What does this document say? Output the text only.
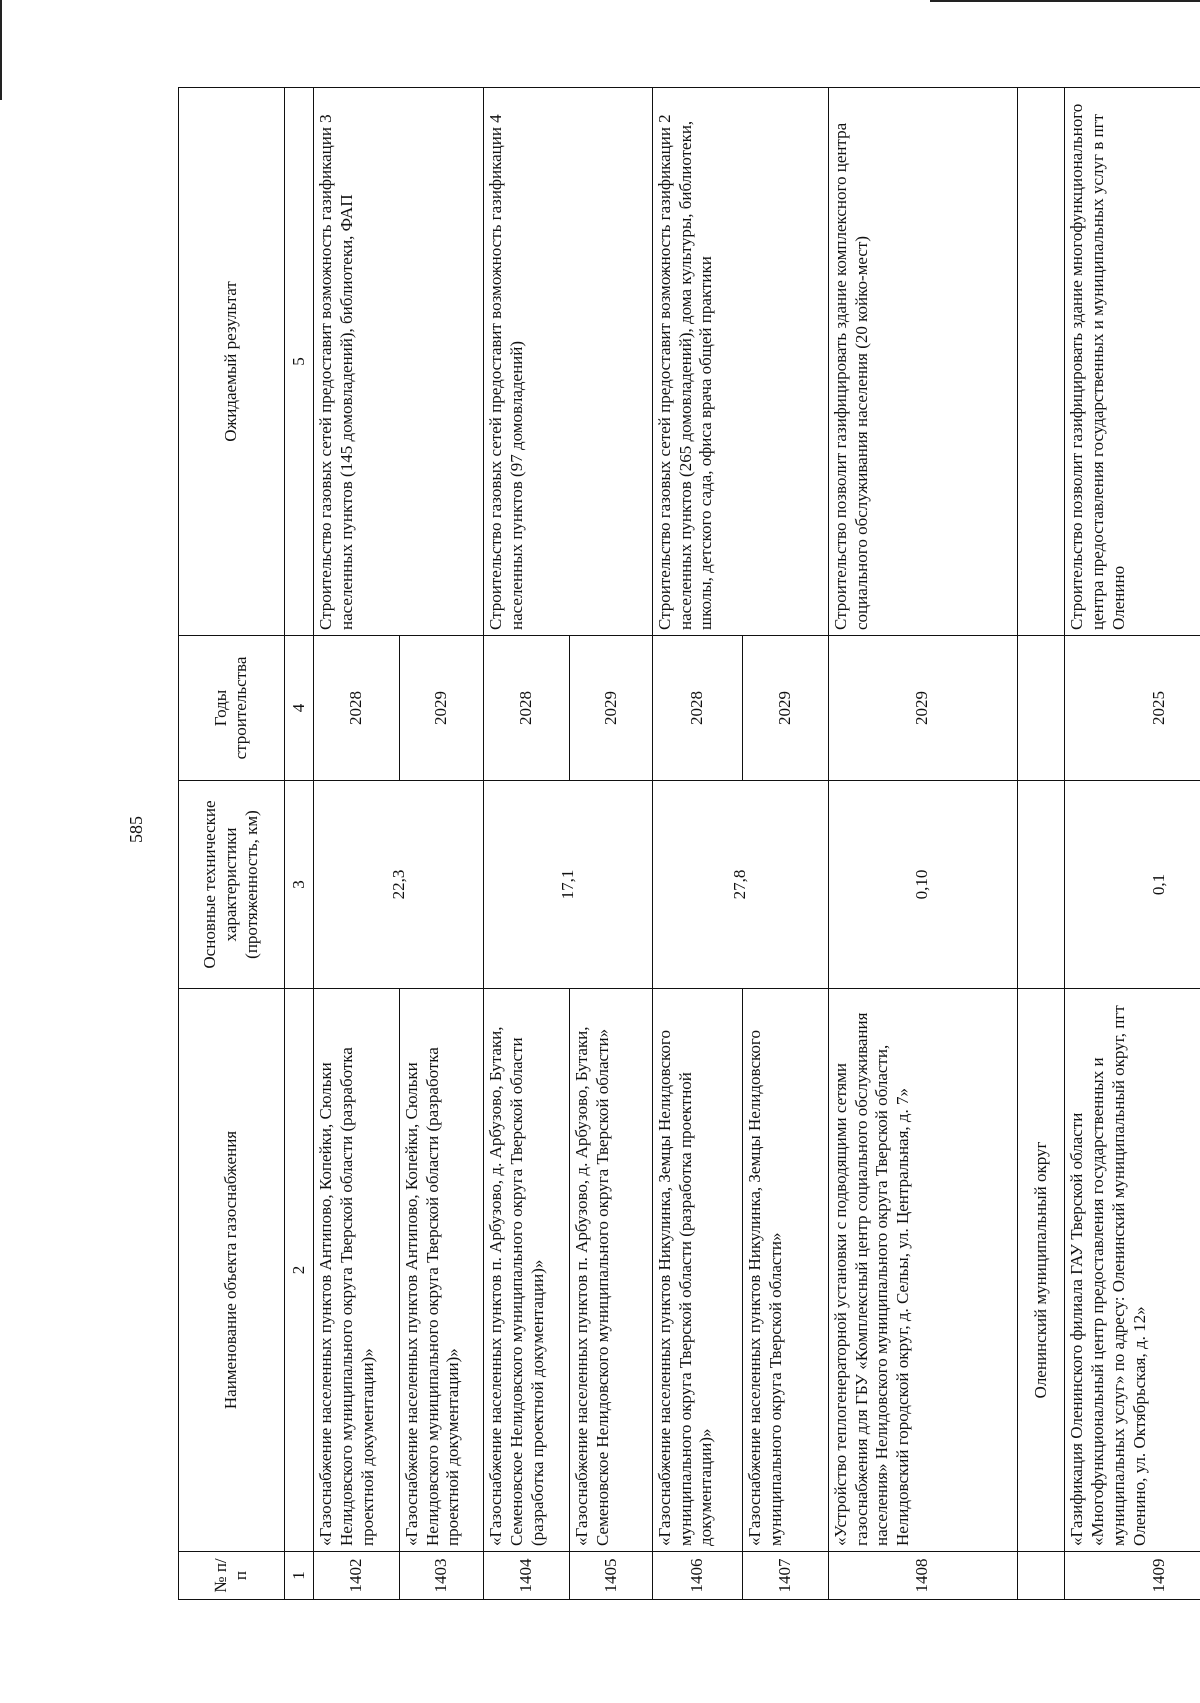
585
№ п/п	Наименование объекта газоснабжения	Основные технические характеристики (протяженность, км)	Годы строительства	Ожидаемый результат
1	2	3	4	5
1402	«Газоснабжение населенных пунктов Антипово, Копейки, Сюльки Нелидовского муниципального округа Тверской области (разработка проектной документации)»	22,3	2028	Строительство газовых сетей предоставит возможность газификации 3 населенных пунктов (145 домовладений), библиотеки, ФАП
1403	«Газоснабжение населенных пунктов Антипово, Копейки, Сюльки Нелидовского муниципального округа Тверской области (разработка проектной документации)»		2029	
1404	«Газоснабжение населенных пунктов п. Арбузово, д. Арбузово, Бутаки, Семеновское Нелидовского муниципального округа Тверской области (разработка проектной документации)»	17,1	2028	Строительство газовых сетей предоставит возможность газификации 4 населенных пунктов (97 домовладений)
1405	«Газоснабжение населенных пунктов п. Арбузово, д. Арбузово, Бутаки, Семеновское Нелидовского муниципального округа Тверской области»		2029	
1406	«Газоснабжение населенных пунктов Никулинка, Земцы Нелидовского муниципального округа Тверской области (разработка проектной документации)»	27,8	2028	Строительство газовых сетей предоставит возможность газификации 2 населенных пунктов (265 домовладений), дома культуры, библиотеки, школы, детского сада, офиса врача общей практики
1407	«Газоснабжение населенных пунктов Никулинка, Земцы Нелидовского муниципального округа Тверской области»		2029	
1408	«Устройство теплогенераторной установки с подводящими сетями газоснабжения для ГБУ «Комплексный центр социального обслуживания населения» Нелидовского муниципального округа Тверской области, Нелидовский городской округ, д. Сельы, ул. Центральная, д. 7»	0,10	2029	Строительство позволит газифицировать здание комплексного центра социального обслуживания населения (20 койко-мест)
	Оленинский муниципальный округ			
1409	«Газификация Оленинского филиала ГАУ Тверской области «Многофункциональный центр предоставления государственных и муниципальных услуг» по адресу: Оленинский муниципальный округ, пгт Оленино, ул. Октябрьская, д. 12»	0,1	2025	Строительство позволит газифицировать здание многофункционального центра предоставления государственных и муниципальных услуг в пгт Оленино
